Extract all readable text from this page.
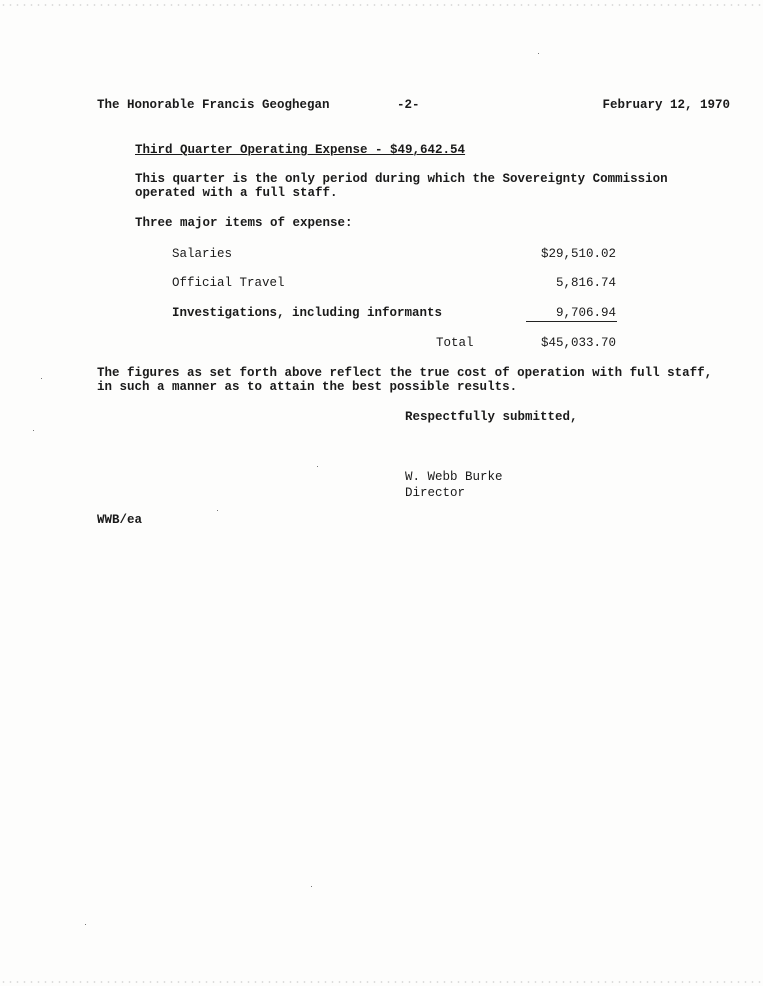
The Honorable Francis Geoghegan	-2-	February 12, 1970
Third Quarter Operating Expense - $49,642.54
This quarter is the only period during which the Sovereignty Commission
operated with a full staff.
Three major items of expense:
Salaries	$29,510.02
Official Travel	5,816.74
Investigations, including informants	9,706.94
Total	$45,033.70
The figures as set forth above reflect the true cost of operation with full staff,
in such a manner as to attain the best possible results.
Respectfully submitted,
W. Webb Burke
Director
WWB/ea
